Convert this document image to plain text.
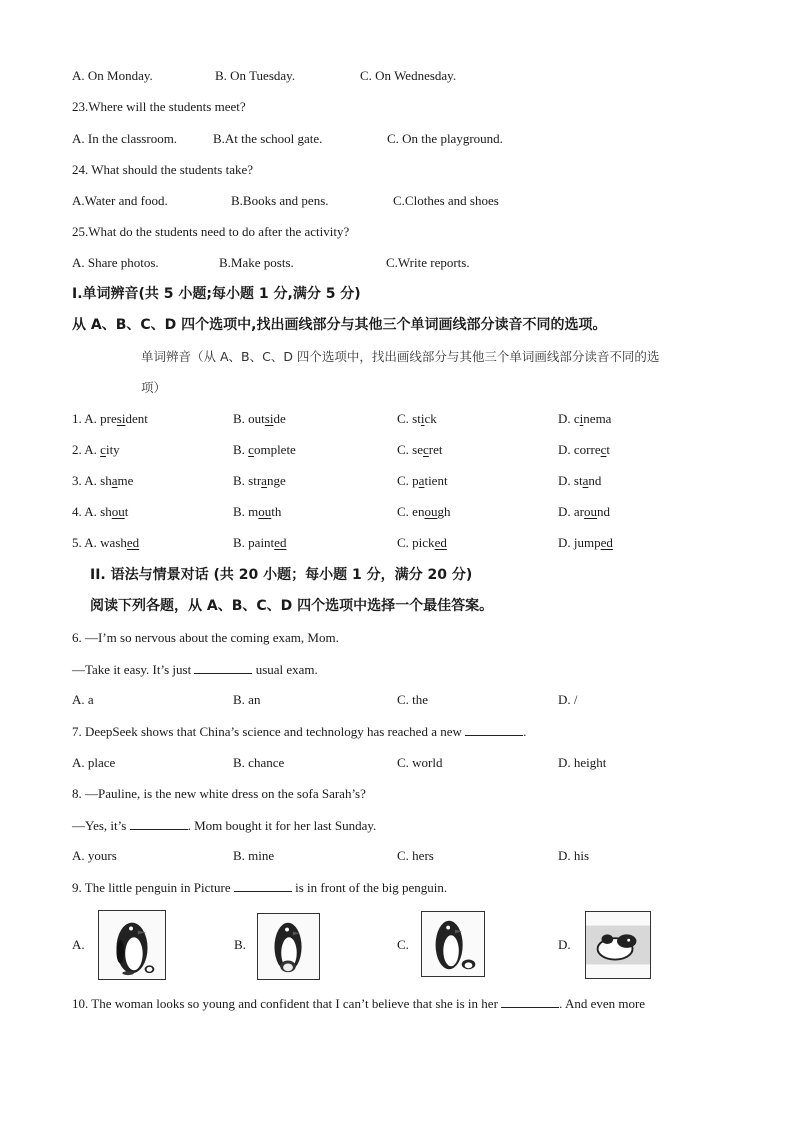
A. On Monday.	B. On Tuesday.	C. On Wednesday.
23.Where will the students meet?
A. In the classroom.	B.At the school gate.	C. On the playground.
24. What should the students take?
A.Water and food.	B.Books and pens.	C.Clothes and shoes
25.What do the students need to do after the activity?
A. Share photos.	B.Make posts.	C.Write reports.
I.单词辨音(共 5 小题;每小题 1 分,满分 5 分)
从 A、B、C、D 四个选项中,找出画线部分与其他三个单词画线部分读音不同的选项。
单词辨音（从 A、B、C、D 四个选项中，找出画线部分与其他三个单词画线部分读音不同的选
项）
1. A. president	B. outside	C. stick	D. cinema
2. A. city	B. complete	C. secret	D. correct
3. A. shame	B. strange	C. patient	D. stand
4. A. shout	B. mouth	C. enough	D. around
5. A. washed	B. painted	C. picked	D. jumped
II. 语法与情景对话 (共 20 小题；每小题 1 分，满分 20 分)
阅读下列各题，从 A、B、C、D 四个选项中选择一个最佳答案。
6. —I’m so nervous about the coming exam, Mom.
—Take it easy. It’s just	usual exam.
A. a	B. an	C. the	D. /
7. DeepSeek shows that China’s science and technology has reached a new	.
A. place	B. chance	C. world	D. height
8. —Pauline, is the new white dress on the sofa Sarah’s?
—Yes, it’s	. Mom bought it for her last Sunday.
A. yours	B. mine	C. hers	D. his
9. The little penguin in Picture	is in front of the big penguin.
A.	B.	C.	D.
10. The woman looks so young and confident that I can’t believe that she is in her	. And even more
